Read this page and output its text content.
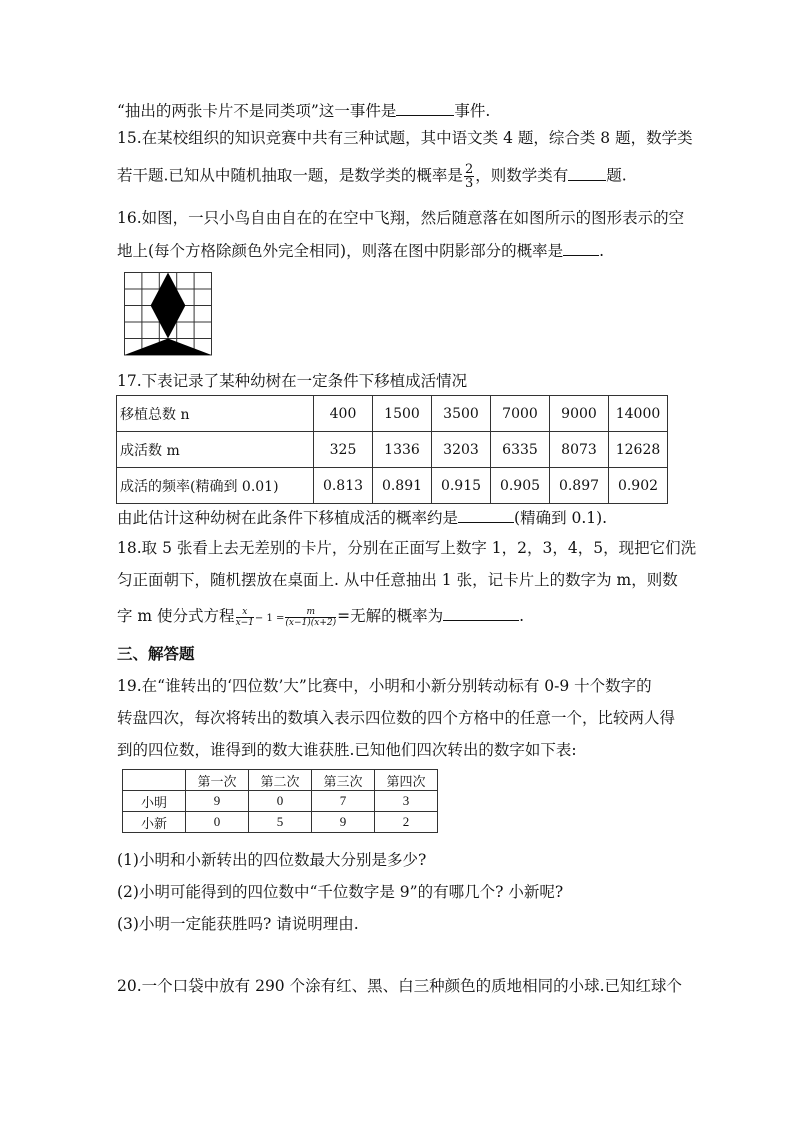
“抽出的两张卡片不是同类项”这一事件是	事件.
15.在某校组织的知识竞赛中共有三种试题，其中语文类 4 题，综合类 8 题，数学类
若干题.已知从中随机抽取一题，是数学类的概率是 $\frac{2}{3}$ ，则数学类有 题.
16.如图，一只小鸟自由自在的在空中飞翔，然后随意落在如图所示的图形表示的空
地上(每个方格除颜色外完全相同)，则落在图中阴影部分的概率是 .
17.下表记录了某种幼树在一定条件下移植成活情况
移植总数 n	400	1500	3500	7000	9000	14000
成活数 m	325	1336	3203	6335	8073	12628
成活的频率(精确到 0.01)	0.813	0.891	0.915	0.905	0.897	0.902
由此估计这种幼树在此条件下移植成活的概率约是	(精确到 0.1).
18.取 5 张看上去无差别的卡片，分别在正面写上数字 1，2，3，4，5，现把它们洗
匀正面朝下，随机摆放在桌面上. 从中任意抽出 1 张，记卡片上的数字为 m，则数
字 m 使分式方程 $\frac{x}{x-1} - 1 = \frac{m}{(x-1)(x+2)}$ =无解的概率为	.
三、解答题
19.在“谁转出的‘四位数’大”比赛中，小明和小新分别转动标有 0-9 十个数字的
转盘四次，每次将转出的数填入表示四位数的四个方格中的任意一个，比较两人得
到的四位数，谁得到的数大谁获胜.已知他们四次转出的数字如下表:
	第一次	第二次	第三次	第四次
小明	9	0	7	3
小新	0	5	9	2
(1)小明和小新转出的四位数最大分别是多少?
(2)小明可能得到的四位数中“千位数字是 9”的有哪几个? 小新呢?
(3)小明一定能获胜吗? 请说明理由.
20.一个口袋中放有 290 个涂有红、黑、白三种颜色的质地相同的小球.已知红球个
